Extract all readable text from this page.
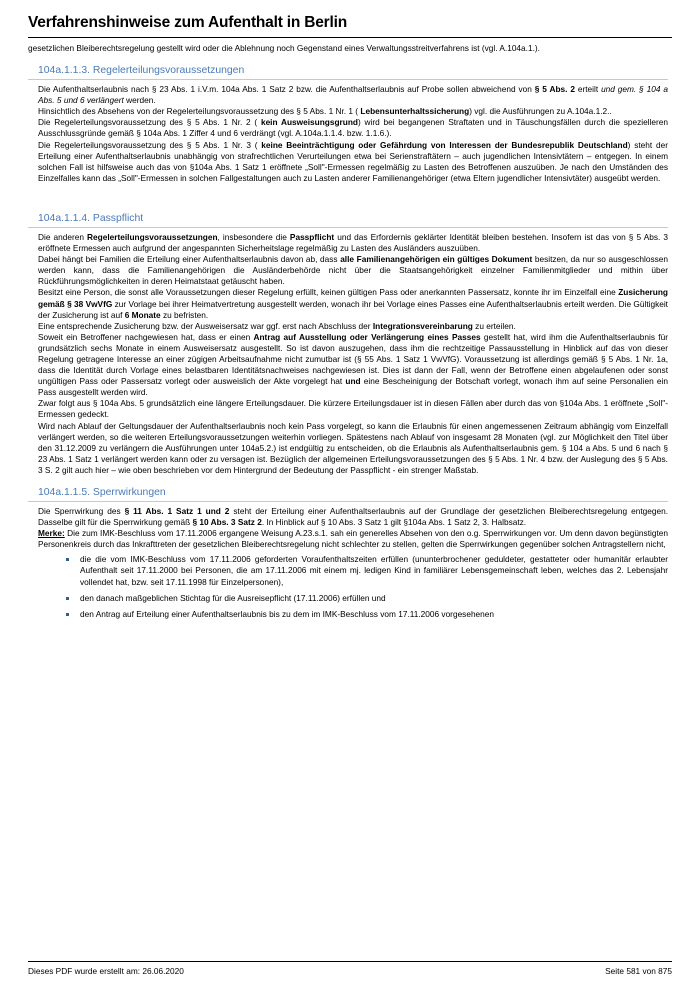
Verfahrenshinweise zum Aufenthalt in Berlin

gesetzlichen Bleiberechtsregelung gestellt wird oder die Ablehnung noch Gegenstand eines Verwaltungsstreitverfahrens ist (vgl. A.104a.1.).

104a.1.1.3. Regelerteilungsvoraussetzungen

Die Aufenthaltserlaubnis nach § 23 Abs. 1 i.V.m. 104a Abs. 1 Satz 2 bzw. die Aufenthaltserlaubnis auf Probe sollen abweichend von § 5 Abs. 2 erteilt und gem. § 104 a Abs. 5 und 6 verlängert werden.

Hinsichtlich des Absehens von der Regelerteilungsvoraussetzung des § 5 Abs. 1 Nr. 1 ( Lebensunterhaltssicherung) vgl. die Ausführungen zu A.104a.1.2..

Die Regelerteilungsvoraussetzung des § 5 Abs. 1 Nr. 2 ( kein Ausweisungsgrund) wird bei begangenen Straftaten und in Täuschungsfällen durch die spezielleren Ausschlussgründe gemäß § 104a Abs. 1 Ziffer 4 und 6 verdrängt (vgl. A.104a.1.1.4. bzw. 1.1.6.).

Die Regelerteilungsvoraussetzung des § 5 Abs. 1 Nr. 3 ( keine Beeinträchtigung oder Gefährdung von Interessen der Bundesrepublik Deutschland) steht der Erteilung einer Aufenthaltserlaubnis unabhängig von strafrechtlichen Verurteilungen etwa bei Serienstraftätern – auch jugendlichen Intensivtätern – entgegen. In einem solchen Fall ist hilfsweise auch das von §104a Abs. 1 Satz 1 eröffnete „Soll"-Ermessen regelmäßig zu Lasten des Betroffenen auszuüben. Je nach den Umständen des Einzelfalles kann das „Soll"-Ermessen in solchen Fallgestaltungen auch zu Lasten anderer Familienangehöriger (etwa Eltern jugendlicher Intensivtäter) ausgeübt werden.

104a.1.1.4. Passpflicht

Die anderen Regelerteilungsvoraussetzungen, insbesondere die Passpflicht und das Erfordernis geklärter Identität bleiben bestehen. Insofern ist das von § 5 Abs. 3 eröffnete Ermessen auch aufgrund der angespannten Sicherheitslage regelmäßig zu Lasten des Ausländers auszuüben.

Dabei hängt bei Familien die Erteilung einer Aufenthaltserlaubnis davon ab, dass alle Familienangehörigen ein gültiges Dokument besitzen, da nur so ausgeschlossen werden kann, dass die Familienangehörigen die Ausländerbehörde nicht über die Staatsangehörigkeit einzelner Familienmitglieder und mithin über Rückführungsmöglichkeiten in deren Heimatstaat getäuscht haben.

Besitzt eine Person, die sonst alle Voraussetzungen dieser Regelung erfüllt, keinen gültigen Pass oder anerkannten Passersatz, konnte ihr im Einzelfall eine Zusicherung gemäß § 38 VwVfG zur Vorlage bei ihrer Heimatvertretung ausgestellt werden, wonach ihr bei Vorlage eines Passes eine Aufenthaltserlaubnis erteilt werden. Die Gültigkeit der Zusicherung ist auf 6 Monate zu befristen.

Eine entsprechende Zusicherung bzw. der Ausweisersatz war ggf. erst nach Abschluss der Integrationsvereinbarung zu erteilen.

Soweit ein Betroffener nachgewiesen hat, dass er einen Antrag auf Ausstellung oder Verlängerung eines Passes gestellt hat, wird ihm die Aufenthaltserlaubnis für grundsätzlich sechs Monate in einem Ausweisersatz ausgestellt. So ist davon auszugehen, dass ihm die rechtzeitige Passausstellung in Hinblick auf das von dieser Regelung getragene Interesse an einer zügigen Arbeitsaufnahme nicht zumutbar ist (§ 55 Abs. 1 Satz 1 VwVfG). Voraussetzung ist allerdings gemäß § 5 Abs. 1 Nr. 1a, dass die Identität durch Vorlage eines belastbaren Identitätsnachweises nachgewiesen ist. Dies ist dann der Fall, wenn der Betroffene einen abgelaufenen oder sonst ungültigen Pass oder Passersatz vorlegt oder ausweislich der Akte vorgelegt hat und eine Bescheinigung der Botschaft vorlegt, wonach ihm auf seine Personalien ein Pass ausgestellt werden wird.

Zwar folgt aus § 104a Abs. 5 grundsätzlich eine längere Erteilungsdauer. Die kürzere Erteilungsdauer ist in diesen Fällen aber durch das von §104a Abs. 1 eröffnete „Soll"- Ermessen gedeckt.

Wird nach Ablauf der Geltungsdauer der Aufenthaltserlaubnis noch kein Pass vorgelegt, so kann die Erlaubnis für einen angemessenen Zeitraum abhängig vom Einzelfall verlängert werden, so die weiteren Erteilungsvoraussetzungen weiterhin vorliegen. Spätestens nach Ablauf von insgesamt 28 Monaten (vgl. zur Möglichkeit den Titel über den 31.12.2009 zu verlängern die Ausführungen unter 104a5.2.) ist endgültig zu entscheiden, ob die Erlaubnis als Aufenthaltserlaubnis gem. § 104 a Abs. 5 und 6 nach § 23 Abs. 1 Satz 1 verlängert werden kann oder zu versagen ist. Bezüglich der allgemeinen Erteilungsvoraussetzungen des § 5 Abs. 1 Nr. 4 bzw. der Auslegung des § 5 Abs. 3 S. 2 gilt auch hier – wie oben beschrieben vor dem Hintergrund der Bedeutung der Passpflicht - ein strenger Maßstab.

104a.1.1.5. Sperrwirkungen

Die Sperrwirkung des § 11 Abs. 1 Satz 1 und 2 steht der Erteilung einer Aufenthaltserlaubnis auf der Grundlage der gesetzlichen Bleiberechtsregelung entgegen. Dasselbe gilt für die Sperrwirkung gemäß § 10 Abs. 3 Satz 2. In Hinblick auf § 10 Abs. 3 Satz 1 gilt §104a Abs. 1 Satz 2, 3. Halbsatz.

Merke: Die zum IMK-Beschluss vom 17.11.2006 ergangene Weisung A.23.s.1. sah ein generelles Absehen von den o.g. Sperrwirkungen vor. Um denn davon begünstigten Personenkreis durch das Inkrafttreten der gesetzlichen Bleiberechtsregelung nicht schlechter zu stellen, gelten die Sperrwirkungen gegenüber solchen Antragstellern nicht,

die die vom IMK-Beschluss vom 17.11.2006 geforderten Voraufenthaltszeiten erfüllen (ununterbrochener geduldeter, gestatteter oder humanitär erlaubter Aufenthalt seit 17.11.2000 bei Personen, die am 17.11.2006 mit einem mj. ledigen Kind in familiärer Lebensgemeinschaft leben, welches das 2. Lebensjahr vollendet hat, bzw. seit 17.11.1998 für Einzelpersonen),
den danach maßgeblichen Stichtag für die Ausreisepflicht (17.11.2006) erfüllen und
den Antrag auf Erteilung einer Aufenthaltserlaubnis bis zu dem im IMK-Beschluss vom 17.11.2006 vorgesehenen
Dieses PDF wurde erstellt am: 26.06.2020	Seite 581 von 875
